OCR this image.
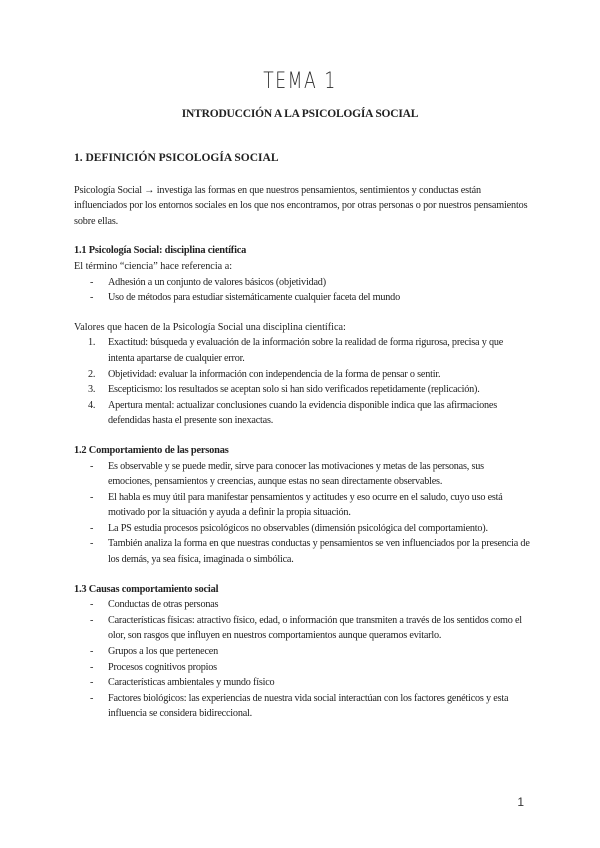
TEMA 1
INTRODUCCIÓN A LA PSICOLOGÍA SOCIAL
1. DEFINICIÓN PSICOLOGÍA SOCIAL

Psicología Social → investiga las formas en que nuestros pensamientos, sentimientos y conductas están influenciados por los entornos sociales en los que nos encontramos, por otras personas o por nuestros pensamientos sobre ellas.

1.1 Psicología Social: disciplina científica

El término “ciencia” hace referencia a:

- Adhesión a un conjunto de valores básicos (objetividad)
- Uso de métodos para estudiar sistemáticamente cualquier faceta del mundo

Valores que hacen de la Psicología Social una disciplina científica:

1. Exactitud: búsqueda y evaluación de la información sobre la realidad de forma rigurosa, precisa y que intenta apartarse de cualquier error.
2. Objetividad: evaluar la información con independencia de la forma de pensar o sentir.
3. Escepticismo: los resultados se aceptan solo si han sido verificados repetidamente (replicación).
4. Apertura mental: actualizar conclusiones cuando la evidencia disponible indica que las afirmaciones defendidas hasta el presente son inexactas.
1.2 Comportamiento de las personas
- Es observable y se puede medir, sirve para conocer las motivaciones y metas de las personas, sus emociones, pensamientos y creencias, aunque estas no sean directamente observables.
- El habla es muy útil para manifestar pensamientos y actitudes y eso ocurre en el saludo, cuyo uso está motivado por la situación y ayuda a definir la propia situación.
- La PS estudia procesos psicológicos no observables (dimensión psicológica del comportamiento).
- También analiza la forma en que nuestras conductas y pensamientos se ven influenciados por la presencia de los demás, ya sea física, imaginada o simbólica.
1.3 Causas comportamiento social
- Conductas de otras personas
- Características físicas: atractivo físico, edad, o información que transmiten a través de los sentidos como el olor, son rasgos que influyen en nuestros comportamientos aunque queramos evitarlo.
- Grupos a los que pertenecen
- Procesos cognitivos propios
- Características ambientales y mundo físico
- Factores biológicos: las experiencias de nuestra vida social interactúan con los factores genéticos y esta influencia se considera bidireccional.
1
